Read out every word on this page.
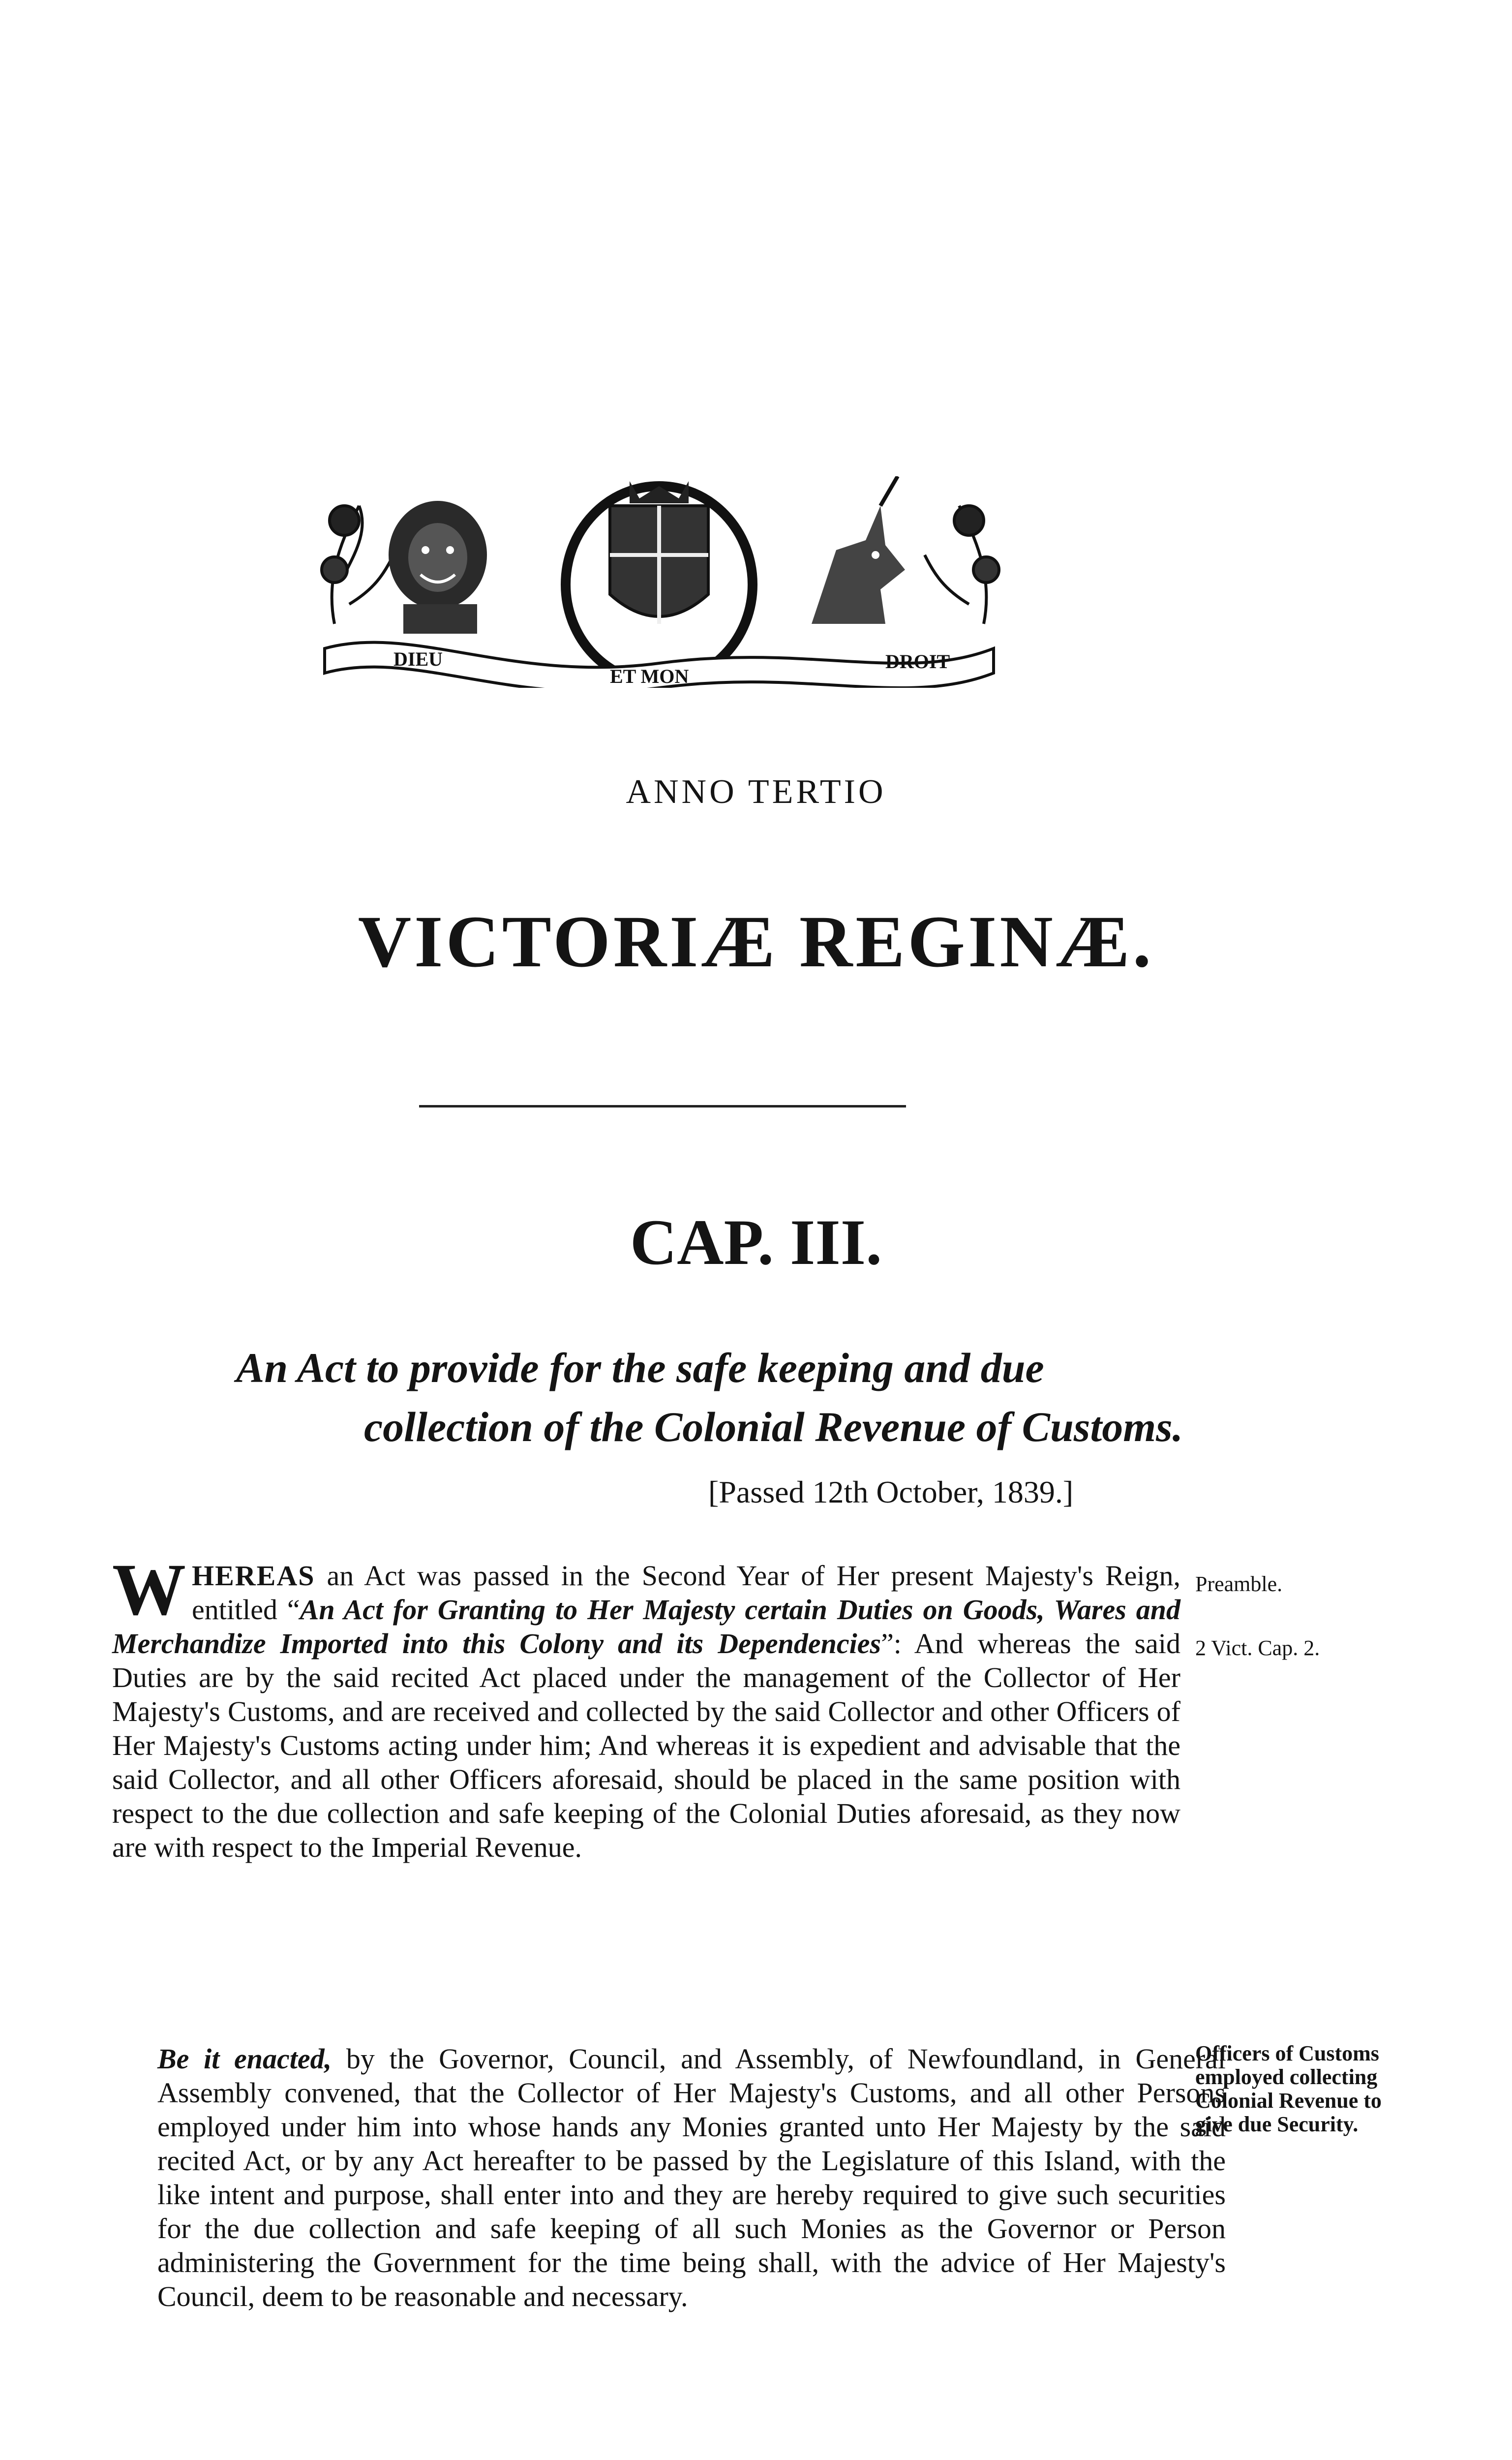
DIEU
ET MON
DROIT
ANNO TERTIO
VICTORIÆ REGINÆ.
CAP. III.
An Act to provide for the safe keeping and due
collection of the Colonial Revenue of Customs.
[Passed 12th October, 1839.]
WHEREAS an Act was passed in the Second Year of Her present Majesty's Reign, entitled “An Act for Granting to Her Majesty certain Duties on Goods, Wares and Merchandize Imported into this Colony and its Dependencies”: And whereas the said Duties are by the said recited Act placed under the management of the Collector of Her Majesty's Customs, and are received and collected by the said Collector and other Officers of Her Majesty's Customs acting under him; And whereas it is expedient and advisable that the said Collector, and all other Officers aforesaid, should be placed in the same position with respect to the due collection and safe keeping of the Colonial Duties aforesaid, as they now are with respect to the Imperial Revenue.
Be it enacted, by the Governor, Council, and Assembly, of Newfoundland, in General Assembly convened, that the Collector of Her Majesty's Customs, and all other Persons employed under him into whose hands any Monies granted unto Her Majesty by the said recited Act, or by any Act hereafter to be passed by the Legislature of this Island, with the like intent and purpose, shall enter into and they are hereby required to give such securities for the due collection and safe keeping of all such Monies as the Governor or Person administering the Government for the time being shall, with the advice of Her Majesty's Council, deem to be reasonable and necessary.
Preamble.
2 Vict. Cap. 2.
Officers of Customs employed collecting Colonial Revenue to give due Security.
